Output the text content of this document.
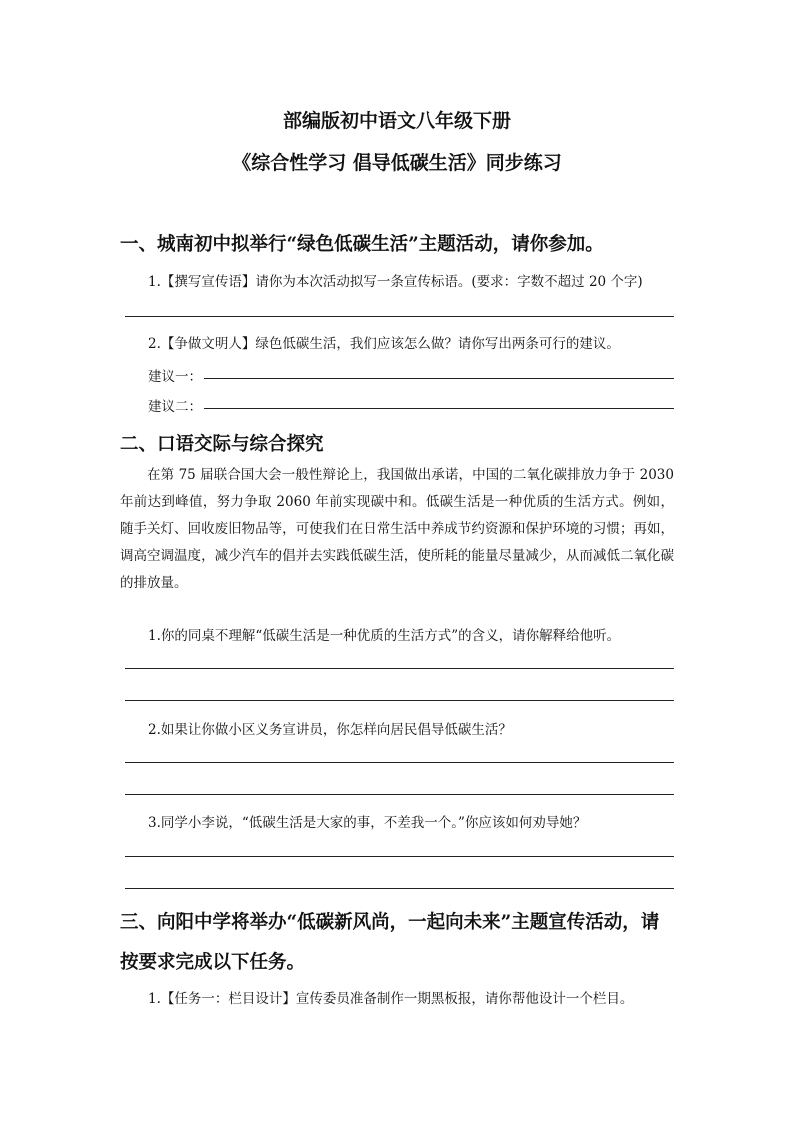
部编版初中语文八年级下册
《综合性学习 倡导低碳生活》同步练习
一、城南初中拟举行“绿色低碳生活”主题活动，请你参加。
1.【撰写宣传语】请你为本次活动拟写一条宣传标语。(要求：字数不超过 20 个字)
2.【争做文明人】绿色低碳生活，我们应该怎么做？请你写出两条可行的建议。
建议一：
建议二：
二、口语交际与综合探究
在第 75 届联合国大会一般性辩论上，我国做出承诺，中国的二氧化碳排放力争于 2030 年前达到峰值，努力争取 2060 年前实现碳中和。低碳生活是一种优质的生活方式。例如，随手关灯、回收废旧物品等，可使我们在日常生活中养成节约资源和保护环境的习惯；再如，调高空调温度，减少汽车的倡并去实践低碳生活，使所耗的能量尽量减少，从而减低二氧化碳的排放量。
1.你的同桌不理解“低碳生活是一种优质的生活方式”的含义，请你解释给他听。
2.如果让你做小区义务宣讲员，你怎样向居民倡导低碳生活？
3.同学小李说，“低碳生活是大家的事，不差我一个。”你应该如何劝导她？
三、向阳中学将举办“低碳新风尚，一起向未来”主题宣传活动，请
按要求完成以下任务。
1.【任务一：栏目设计】宣传委员准备制作一期黑板报，请你帮他设计一个栏目。
